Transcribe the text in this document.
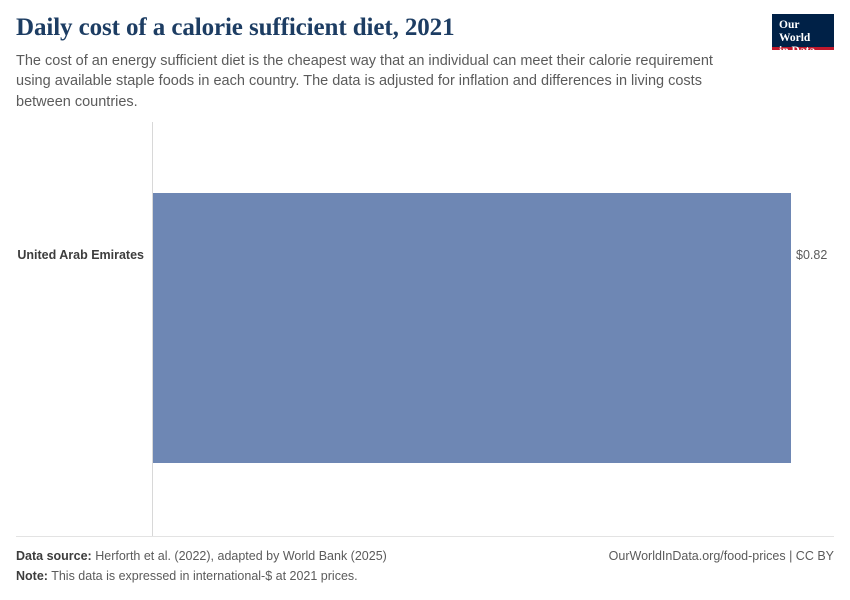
Daily cost of a calorie sufficient diet, 2021

The cost of an energy sufficient diet is the cheapest way that an individual can meet their calorie requirement using available staple foods in each country. The data is adjusted for inflation and differences in living costs between countries.

Our World
in Data
United Arab Emirates	$0.82
Data source: Herforth et al. (2022), adapted by World Bank (2025)	OurWorldInData.org/food-prices | CC BY
Note: This data is expressed in international-$ at 2021 prices.
